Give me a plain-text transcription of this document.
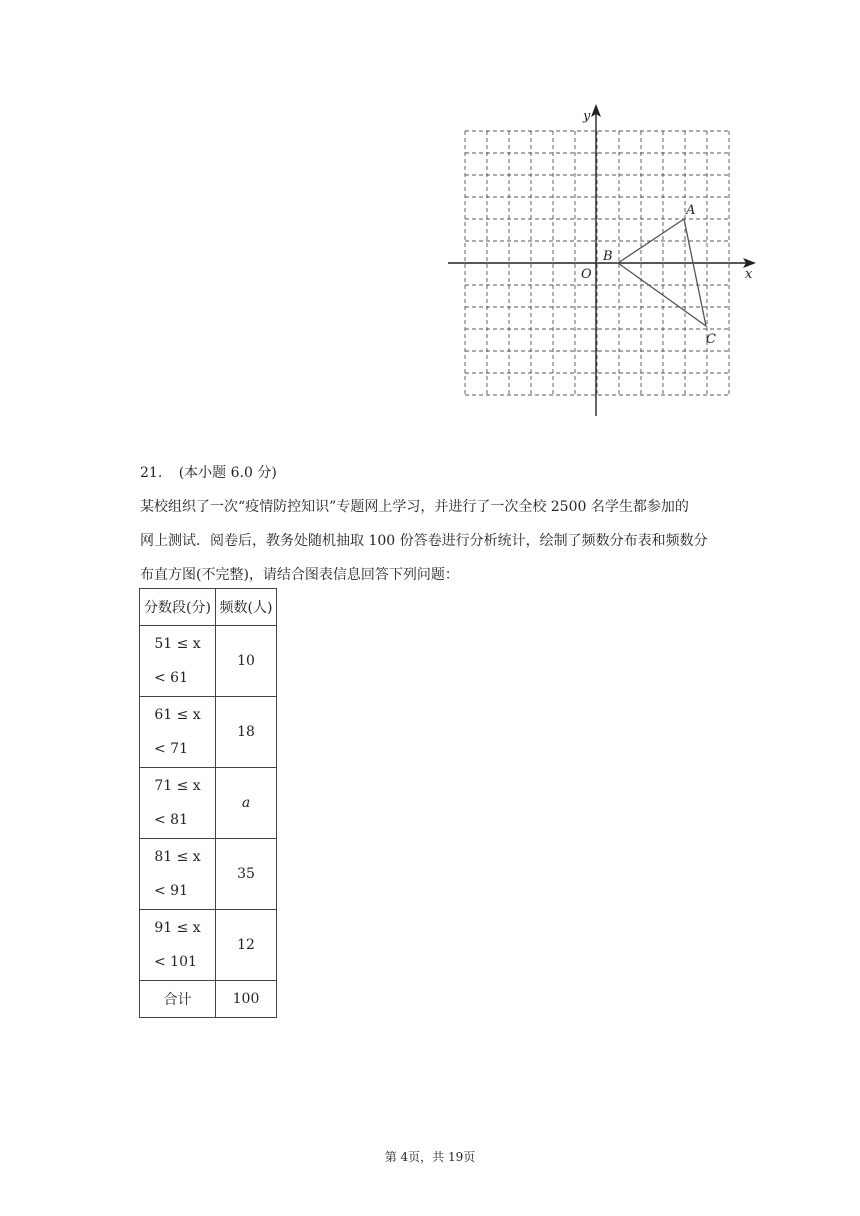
y
x
O
A
B
C
21. (本小题 6.0 分)
某校组织了一次“疫情防控知识”专题网上学习，并进行了一次全校 2500 名学生都参加的
网上测试．阅卷后，教务处随机抽取 100 份答卷进行分析统计，绘制了频数分布表和频数分
布直方图(不完整)，请结合图表信息回答下列问题：
分数段(分)	频数(人)

51 ≤ x
< 61	10

61 ≤ x
< 71	18

71 ≤ x
< 81	a

81 ≤ x
< 91	35

91 ≤ x
< 101	12
合计	100
第 4页，共 19页
